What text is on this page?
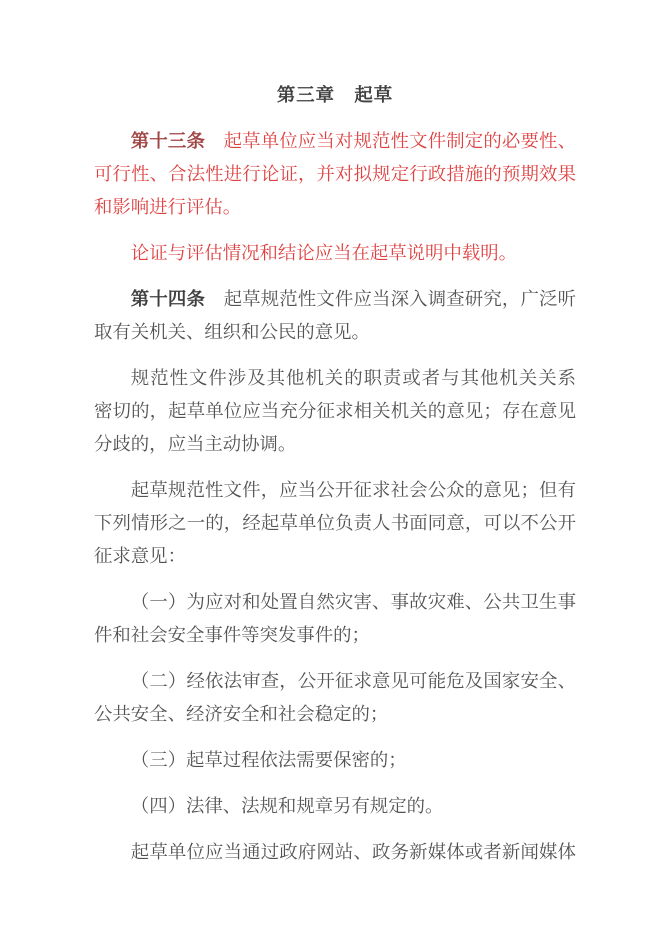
第三章　起草
第十三条　起草单位应当对规范性文件制定的必要性、
可行性、合法性进行论证，并对拟规定行政措施的预期效果
和影响进行评估。
论证与评估情况和结论应当在起草说明中载明。
第十四条　起草规范性文件应当深入调查研究，广泛听
取有关机关、组织和公民的意见。
规范性文件涉及其他机关的职责或者与其他机关关系
密切的，起草单位应当充分征求相关机关的意见；存在意见
分歧的，应当主动协调。
起草规范性文件，应当公开征求社会公众的意见；但有
下列情形之一的，经起草单位负责人书面同意，可以不公开
征求意见：
（一）为应对和处置自然灾害、事故灾难、公共卫生事
件和社会安全事件等突发事件的；
（二）经依法审查，公开征求意见可能危及国家安全、
公共安全、经济安全和社会稳定的；
（三）起草过程依法需要保密的；
（四）法律、法规和规章另有规定的。
起草单位应当通过政府网站、政务新媒体或者新闻媒体
